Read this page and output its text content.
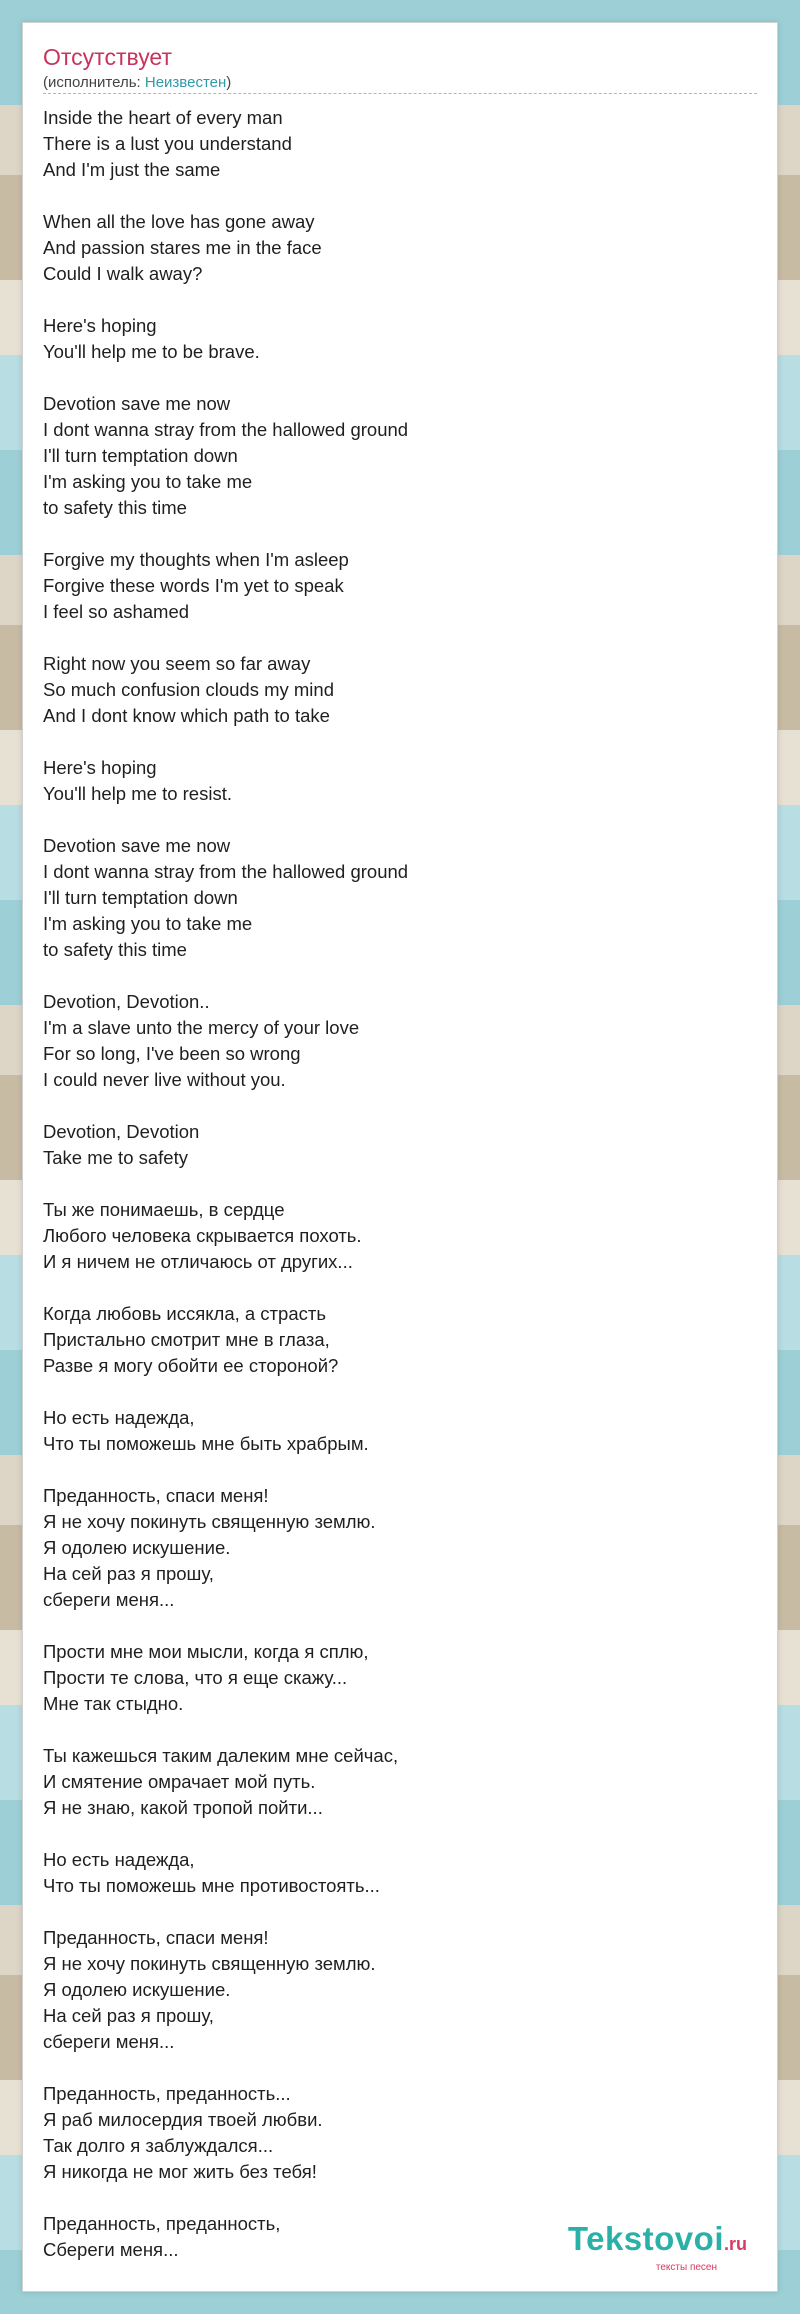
Отсутствует
(исполнитель: Неизвестен)
Inside the heart of every man
There is a lust you understand
And I'm just the same
When all the love has gone away
And passion stares me in the face
Could I walk away?
Here's hoping
You'll help me to be brave.
Devotion save me now
I dont wanna stray from the hallowed ground
I'll turn temptation down
I'm asking you to take me
to safety this time
Forgive my thoughts when I'm asleep
Forgive these words I'm yet to speak
I feel so ashamed
Right now you seem so far away
So much confusion clouds my mind
And I dont know which path to take
Here's hoping
You'll help me to resist.
Devotion save me now
I dont wanna stray from the hallowed ground
I'll turn temptation down
I'm asking you to take me
to safety this time
Devotion, Devotion..
I'm a slave unto the mercy of your love
For so long, I've been so wrong
I could never live without you.
Devotion, Devotion
Take me to safety
Ты же понимаешь, в сердце
Любого человека скрывается похоть.
И я ничем не отличаюсь от других...
Когда любовь иссякла, а страсть
Пристально смотрит мне в глаза,
Разве я могу обойти ее стороной?
Но есть надежда,
Что ты поможешь мне быть храбрым.
Преданность, спаси меня!
Я не хочу покинуть священную землю.
Я одолею искушение.
На сей раз я прошу,
сбереги меня...
Прости мне мои мысли, когда я сплю,
Прости те слова, что я еще скажу...
Мне так стыдно.
Ты кажешься таким далеким мне сейчас,
И смятение омрачает мой путь.
Я не знаю, какой тропой пойти...
Но есть надежда,
Что ты поможешь мне противостоять...
Преданность, спаси меня!
Я не хочу покинуть священную землю.
Я одолею искушение.
На сей раз я прошу,
сбереги меня...
Преданность, преданность...
Я раб милосердия твоей любви.
Так долго я заблуждался...
Я никогда не мог жить без тебя!
Преданность, преданность,
Сбереги меня...	Tekstovoi.ru
тексты песен
